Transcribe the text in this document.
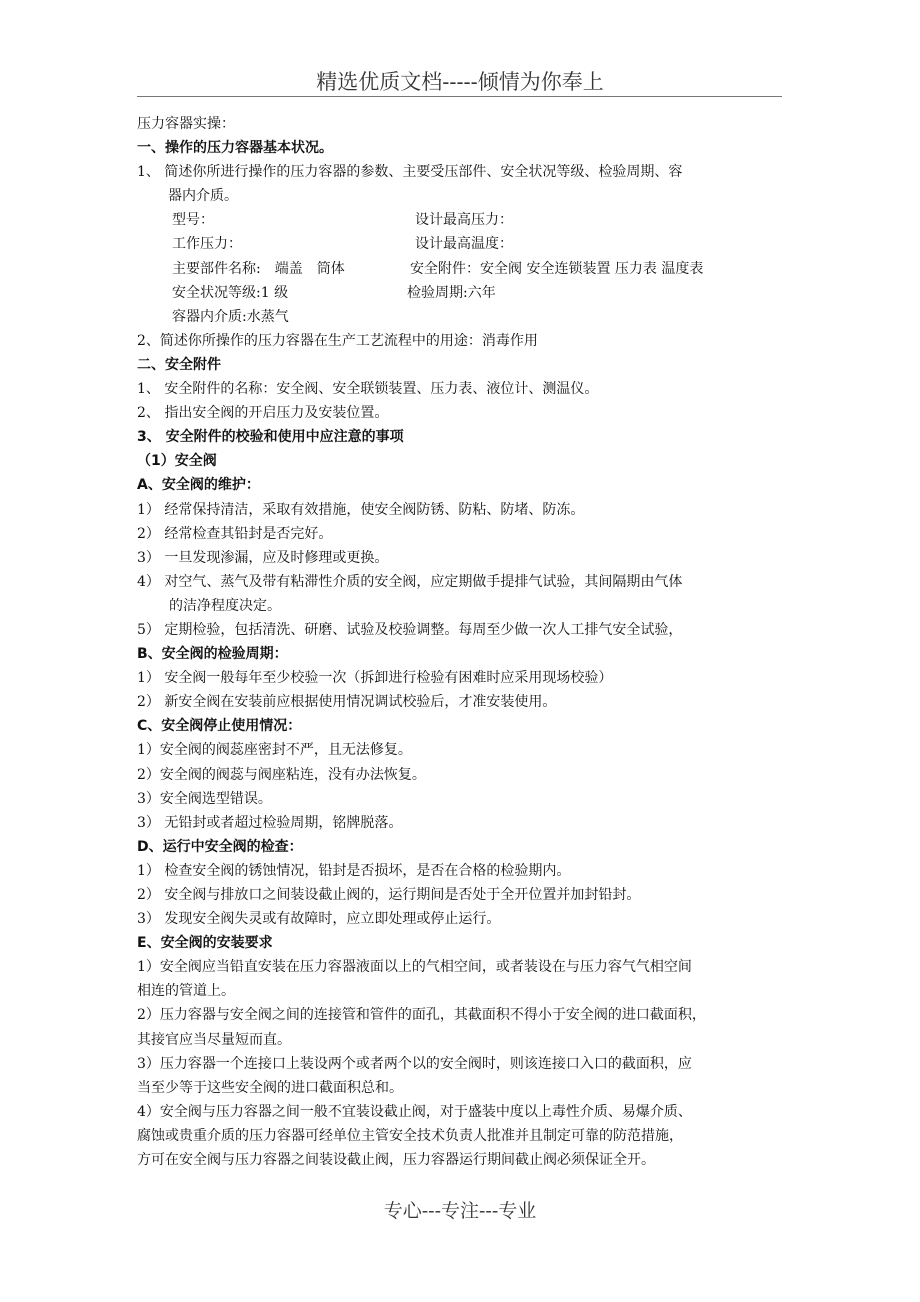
精选优质文档-----倾情为你奉上
压力容器实操：
一、操作的压力容器基本状况。
1、 简述你所进行操作的压力容器的参数、主要受压部件、安全状况等级、检验周期、容
器内介质。
型号：	设计最高压力：
工作压力：	设计最高温度：
主要部件名称:　端盖　筒体	安全附件：安全阀 安全连锁装置 压力表 温度表
安全状况等级:1 级	检验周期:六年
容器内介质:水蒸气
2、简述你所操作的压力容器在生产工艺流程中的用途：消毒作用
二、安全附件
1、 安全附件的名称：安全阀、安全联锁装置、压力表、液位计、测温仪。
2、 指出安全阀的开启压力及安装位置。
3、 安全附件的校验和使用中应注意的事项
（1）安全阀
A、安全阀的维护：
1） 经常保持清洁，采取有效措施，使安全阀防锈、防粘、防堵、防冻。
2） 经常检查其铅封是否完好。
3） 一旦发现渗漏，应及时修理或更换。
4） 对空气、蒸气及带有粘滞性介质的安全阀，应定期做手提排气试验，其间隔期由气体
的洁净程度决定。
5） 定期检验，包括清洗、研磨、试验及校验调整。每周至少做一次人工排气安全试验，
B、安全阀的检验周期：
1） 安全阀一般每年至少校验一次（拆卸进行检验有困难时应采用现场校验）
2） 新安全阀在安装前应根据使用情况调试校验后，才准安装使用。
C、安全阀停止使用情况：
1）安全阀的阀蕊座密封不严，且无法修复。
2）安全阀的阀蕊与阀座粘连，没有办法恢复。
3）安全阀选型错误。
3） 无铅封或者超过检验周期，铭牌脱落。
D、运行中安全阀的检查：
1） 检查安全阀的锈蚀情况，铅封是否损坏，是否在合格的检验期内。
2） 安全阀与排放口之间装设截止阀的，运行期间是否处于全开位置并加封铅封。
3） 发现安全阀失灵或有故障时，应立即处理或停止运行。
E、安全阀的安装要求
1）安全阀应当铅直安装在压力容器液面以上的气相空间，或者装设在与压力容气气相空间
相连的管道上。
2）压力容器与安全阀之间的连接管和管件的面孔，其截面积不得小于安全阀的进口截面积，
其接官应当尽量短而直。
3）压力容器一个连接口上装设两个或者两个以的安全阀时，则该连接口入口的截面积，应
当至少等于这些安全阀的进口截面积总和。
4）安全阀与压力容器之间一般不宜装设截止阀，对于盛装中度以上毒性介质、易爆介质、
腐蚀或贵重介质的压力容器可经单位主管安全技术负责人批准并且制定可靠的防范措施，
方可在安全阀与压力容器之间装设截止阀，压力容器运行期间截止阀必须保证全开。
专心---专注---专业
